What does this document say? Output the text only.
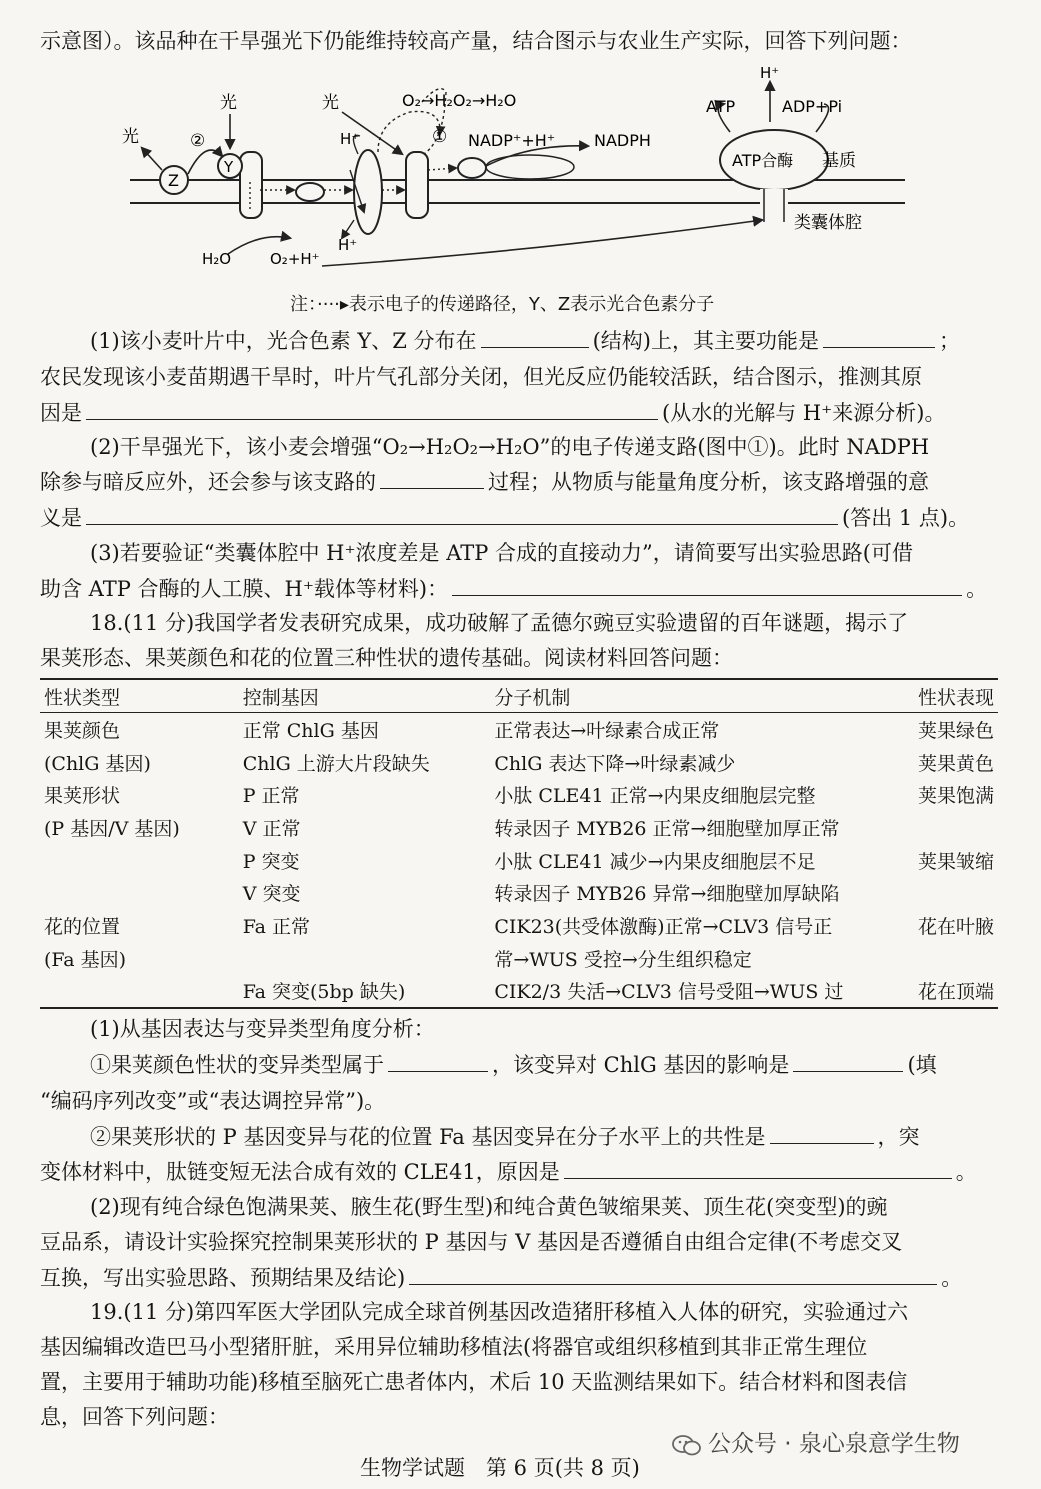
示意图）。该品种在干旱强光下仍能维持较高产量，结合图示与农业生产实际，回答下列问题：
光
光	光
②
Z
Y
H⁺
O₂→H₂O₂→H₂O
① NADP⁺+H⁺ NADPH
H⁺
ATP	ADP+Pi
ATP合酶 基质
类囊体腔
H⁺
H₂O	O₂+H⁺
注：····▸表示电子的传递路径，Y、Z表示光合色素分子
(1)该小麦叶片中，光合色素 Y、Z 分布在	(结构)上，其主要功能是	；
农民发现该小麦苗期遇干旱时，叶片气孔部分关闭，但光反应仍能较活跃，结合图示，推测其原
因是	(从水的光解与 H⁺来源分析)。
(2)干旱强光下，该小麦会增强“O₂→H₂O₂→H₂O”的电子传递支路(图中①)。此时 NADPH
除参与暗反应外，还会参与该支路的	过程；从物质与能量角度分析，该支路增强的意
义是	(答出 1 点)。
(3)若要验证“类囊体腔中 H⁺浓度差是 ATP 合成的直接动力”，请简要写出实验思路(可借
助含 ATP 合酶的人工膜、H⁺载体等材料)：	。
18.(11 分)我国学者发表研究成果，成功破解了孟德尔豌豆实验遗留的百年谜题，揭示了
果荚形态、果荚颜色和花的位置三种性状的遗传基础。阅读材料回答问题：
性状类型	控制基因	分子机制	性状表现
果荚颜色	正常 ChlG 基因	正常表达→叶绿素合成正常	荚果绿色
(ChlG 基因)	ChlG 上游大片段缺失	ChlG 表达下降→叶绿素减少	荚果黄色
果荚形状	P 正常	小肽 CLE41 正常→内果皮细胞层完整	荚果饱满
(P 基因/V 基因)	V 正常	转录因子 MYB26 正常→细胞壁加厚正常	
	P 突变	小肽 CLE41 减少→内果皮细胞层不足	荚果皱缩
	V 突变	转录因子 MYB26 异常→细胞壁加厚缺陷	
花的位置	Fa 正常	CIK23(共受体激酶)正常→CLV3 信号正	花在叶腋
(Fa 基因)		常→WUS 受控→分生组织稳定	
	Fa 突变(5bp 缺失)	CIK2/3 失活→CLV3 信号受阻→WUS 过	花在顶端
(1)从基因表达与变异类型角度分析：
①果荚颜色性状的变异类型属于	，该变异对 ChlG 基因的影响是	(填
“编码序列改变”或“表达调控异常”)。
②果荚形状的 P 基因变异与花的位置 Fa 基因变异在分子水平上的共性是	，突
变体材料中，肽链变短无法合成有效的 CLE41，原因是	。
(2)现有纯合绿色饱满果荚、腋生花(野生型)和纯合黄色皱缩果荚、顶生花(突变型)的豌
豆品系，请设计实验探究控制果荚形状的 P 基因与 V 基因是否遵循自由组合定律(不考虑交叉
互换，写出实验思路、预期结果及结论)	。
19.(11 分)第四军医大学团队完成全球首例基因改造猪肝移植入人体的研究，实验通过六
基因编辑改造巴马小型猪肝脏，采用异位辅助移植法(将器官或组织移植到其非正常生理位
置，主要用于辅助功能)移植至脑死亡患者体内，术后 10 天监测结果如下。结合材料和图表信
息，回答下列问题：
公众号 · 泉心泉意学生物
生物学试题　第 6 页(共 8 页)
